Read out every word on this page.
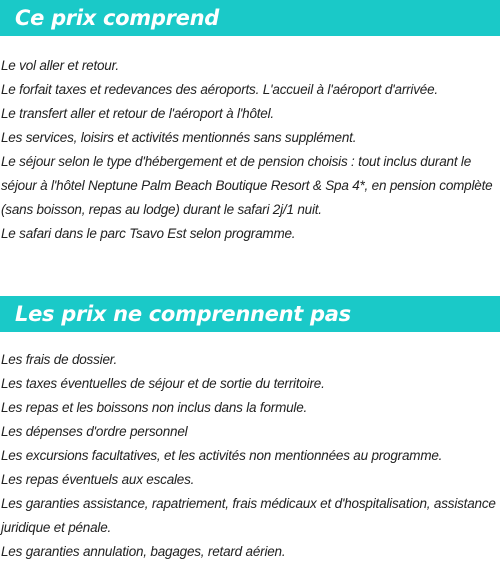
Ce prix comprend
Le vol aller et retour.
Le forfait taxes et redevances des aéroports. L'accueil à l'aéroport d'arrivée.
Le transfert aller et retour de l'aéroport à l'hôtel.
Les services, loisirs et activités mentionnés sans supplément.
Le séjour selon le type d'hébergement et de pension choisis : tout inclus durant le séjour à l'hôtel Neptune Palm Beach Boutique Resort & Spa 4*, en pension complète (sans boisson, repas au lodge) durant le safari 2j/1 nuit.
Le safari dans le parc Tsavo Est selon programme.
Les prix ne comprennent pas
Les frais de dossier.
Les taxes éventuelles de séjour et de sortie du territoire.
Les repas et les boissons non inclus dans la formule.
Les dépenses d'ordre personnel
Les excursions facultatives, et les activités non mentionnées au programme.
Les repas éventuels aux escales.
Les garanties assistance, rapatriement, frais médicaux et d'hospitalisation, assistance juridique et pénale.
Les garanties annulation, bagages, retard aérien.
